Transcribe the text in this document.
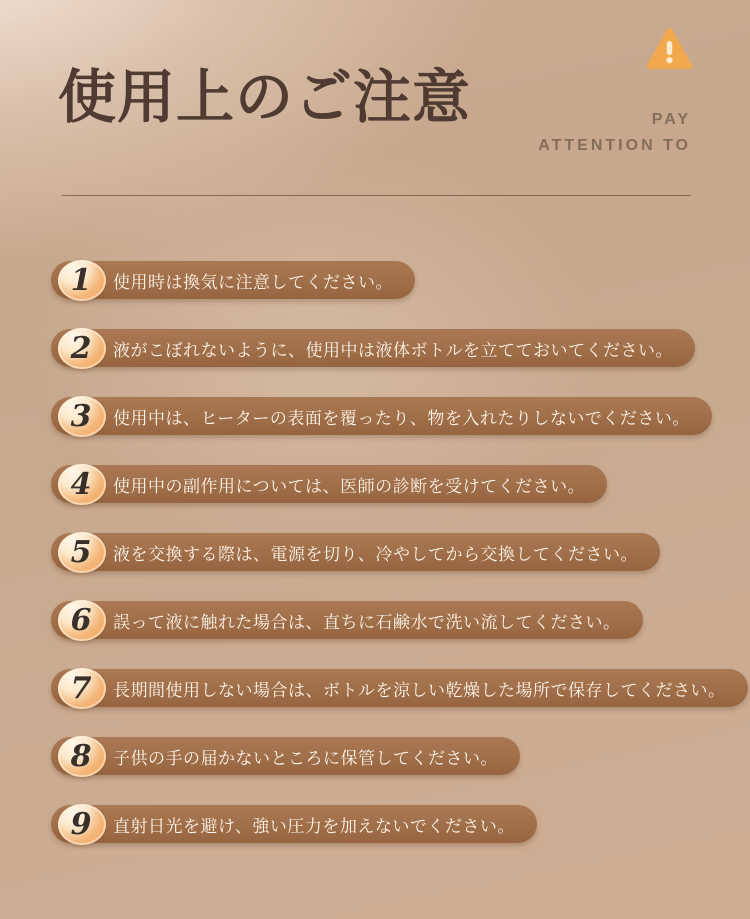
使用上のご注意	PAY
ATTENTION TO
使用時は換気に注意してください。
1
液がこぼれないように、使用中は液体ボトルを立てておいてください。
2
使用中は、ヒーターの表面を覆ったり、物を入れたりしないでください。
3
使用中の副作用については、医師の診断を受けてください。
4
液を交換する際は、電源を切り、冷やしてから交換してください。
5
誤って液に触れた場合は、直ちに石鹸水で洗い流してください。
6
長期間使用しない場合は、ボトルを涼しい乾燥した場所で保存してください。
7
子供の手の届かないところに保管してください。
8
直射日光を避け、強い圧力を加えないでください。
9
